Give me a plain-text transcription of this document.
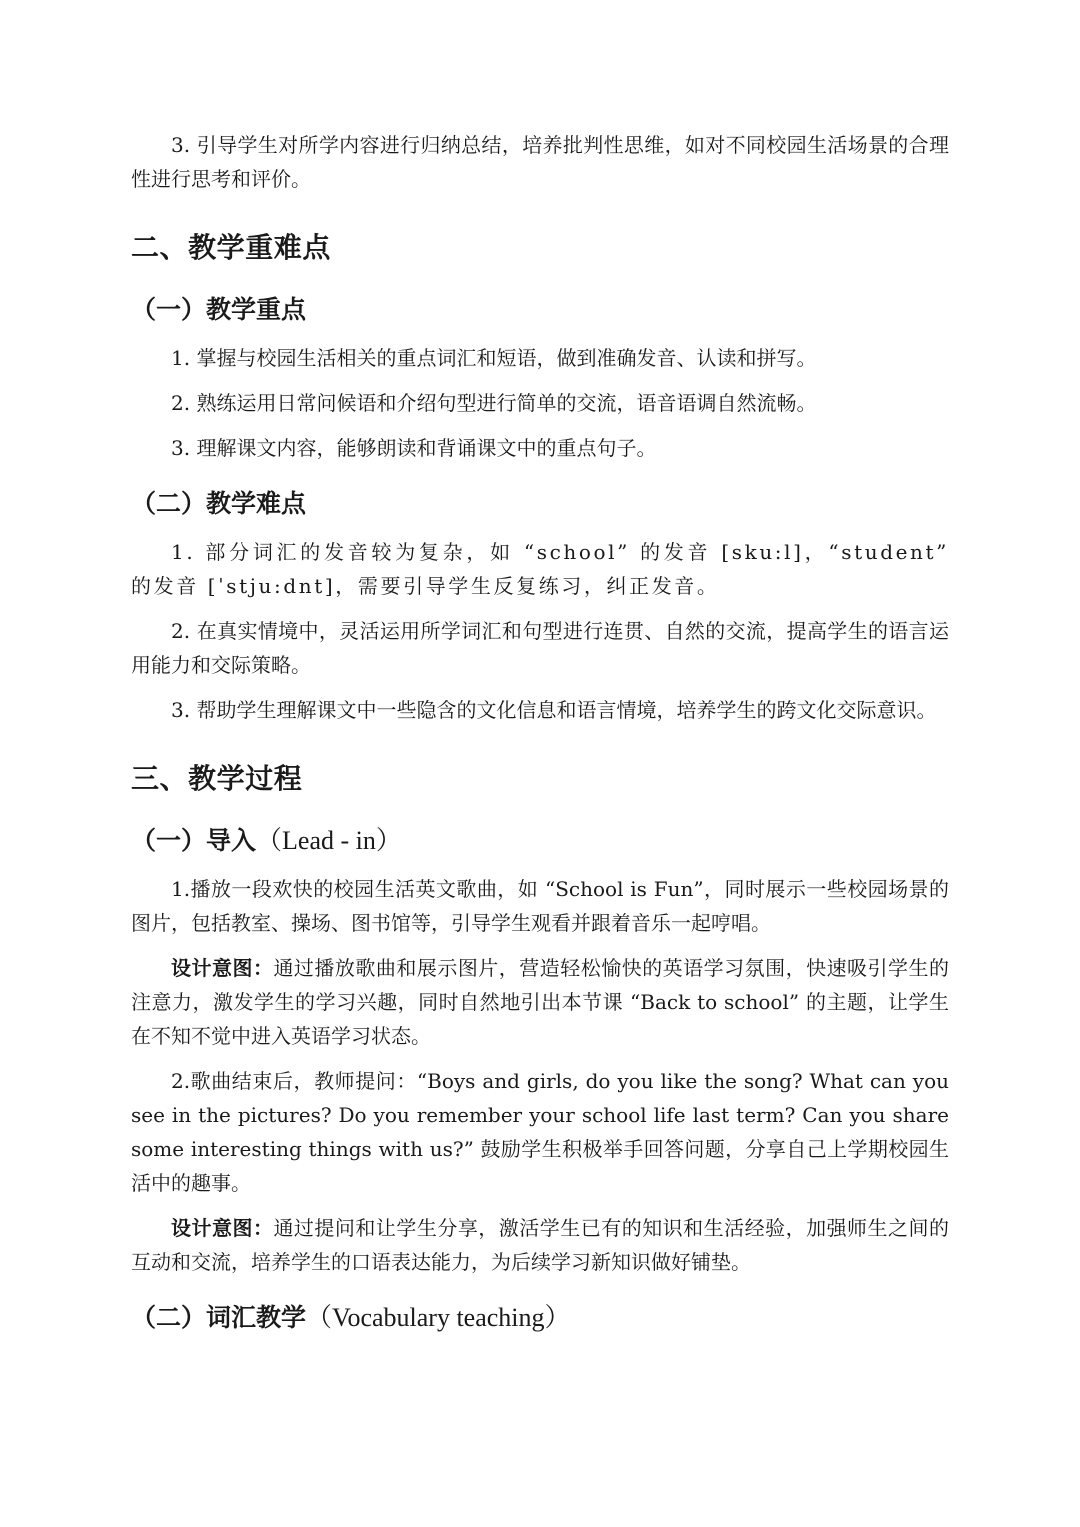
3. 引导学生对所学内容进行归纳总结，培养批判性思维，如对不同校园生活场景的合理性进行思考和评价。

二、教学重难点
（一）教学重点

1. 掌握与校园生活相关的重点词汇和短语，做到准确发音、认读和拼写。

2. 熟练运用日常问候语和介绍句型进行简单的交流，语音语调自然流畅。

3. 理解课文内容，能够朗读和背诵课文中的重点句子。

（二）教学难点

1. 部分词汇的发音较为复杂，如 “school” 的发音 [sku:l]，“student” 的发音 [ˈstju:dnt]，需要引导学生反复练习，纠正发音。

2. 在真实情境中，灵活运用所学词汇和句型进行连贯、自然的交流，提高学生的语言运用能力和交际策略。

3. 帮助学生理解课文中一些隐含的文化信息和语言情境，培养学生的跨文化交际意识。

三、教学过程
（一）导入（Lead - in）

1.播放一段欢快的校园生活英文歌曲，如 “School is Fun”，同时展示一些校园场景的图片，包括教室、操场、图书馆等，引导学生观看并跟着音乐一起哼唱。

设计意图：通过播放歌曲和展示图片，营造轻松愉快的英语学习氛围，快速吸引学生的注意力，激发学生的学习兴趣，同时自然地引出本节课 “Back to school” 的主题，让学生在不知不觉中进入英语学习状态。

2.歌曲结束后，教师提问：“Boys and girls, do you like the song? What can you see in the pictures? Do you remember your school life last term? Can you share some interesting things with us?” 鼓励学生积极举手回答问题，分享自己上学期校园生活中的趣事。

设计意图：通过提问和让学生分享，激活学生已有的知识和生活经验，加强师生之间的互动和交流，培养学生的口语表达能力，为后续学习新知识做好铺垫。

（二）词汇教学（Vocabulary teaching）
